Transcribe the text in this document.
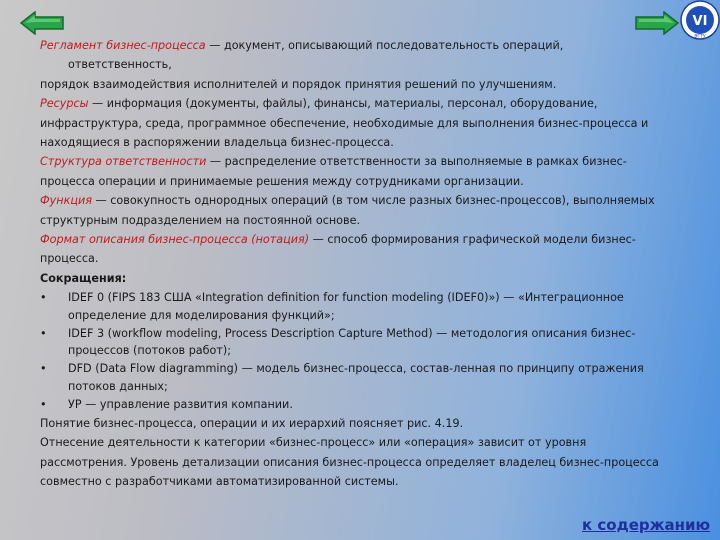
VI
ВГТУ

Регламент бизнес-процесса — документ, описывающий последовательность операций,

ответственность,

порядок взаимодействия исполнителей и порядок принятия решений по улучшениям.

Ресурсы — информация (документы, файлы), финансы, материалы, персонал, оборудование,

инфраструктура, среда, программное обеспечение, необходимые для выполнения бизнес-процесса и

находящиеся в распоряжении владельца бизнес-процесса.

Структура ответственности — распределение ответственности за выполняемые в рамках бизнес-

процесса операции и принимаемые решения между сотрудниками организации.

Функция — совокупность однородных операций (в том числе разных бизнес-процессов), выполняемых

структурным подразделением на постоянной основе.

Формат описания бизнес-процесса (нотация) — способ формирования графической модели бизнес-

процесса.

Сокращения:

• IDEF 0 (FIPS 183 США «Integration definition for function modeling (IDEF0)») — «Интеграционное
определение для моделирования функций»;
• IDEF 3 (workflow modeling, Process Description Capture Method) — методология описания бизнес-
процессов (потоков работ);
• DFD (Data Flow diagramming) — модель бизнес-процесса, состав-ленная по принципу отражения
потоков данных;
• УР — управление развития компании.

Понятие бизнес-процесса, операции и их иерархий поясняет рис. 4.19.

Отнесение деятельности к категории «бизнес-процесс» или «операция» зависит от уровня

рассмотрения. Уровень детализации описания бизнес-процесса определяет владелец бизнес-процесса

совместно с разработчиками автоматизированной системы.

к содержанию
